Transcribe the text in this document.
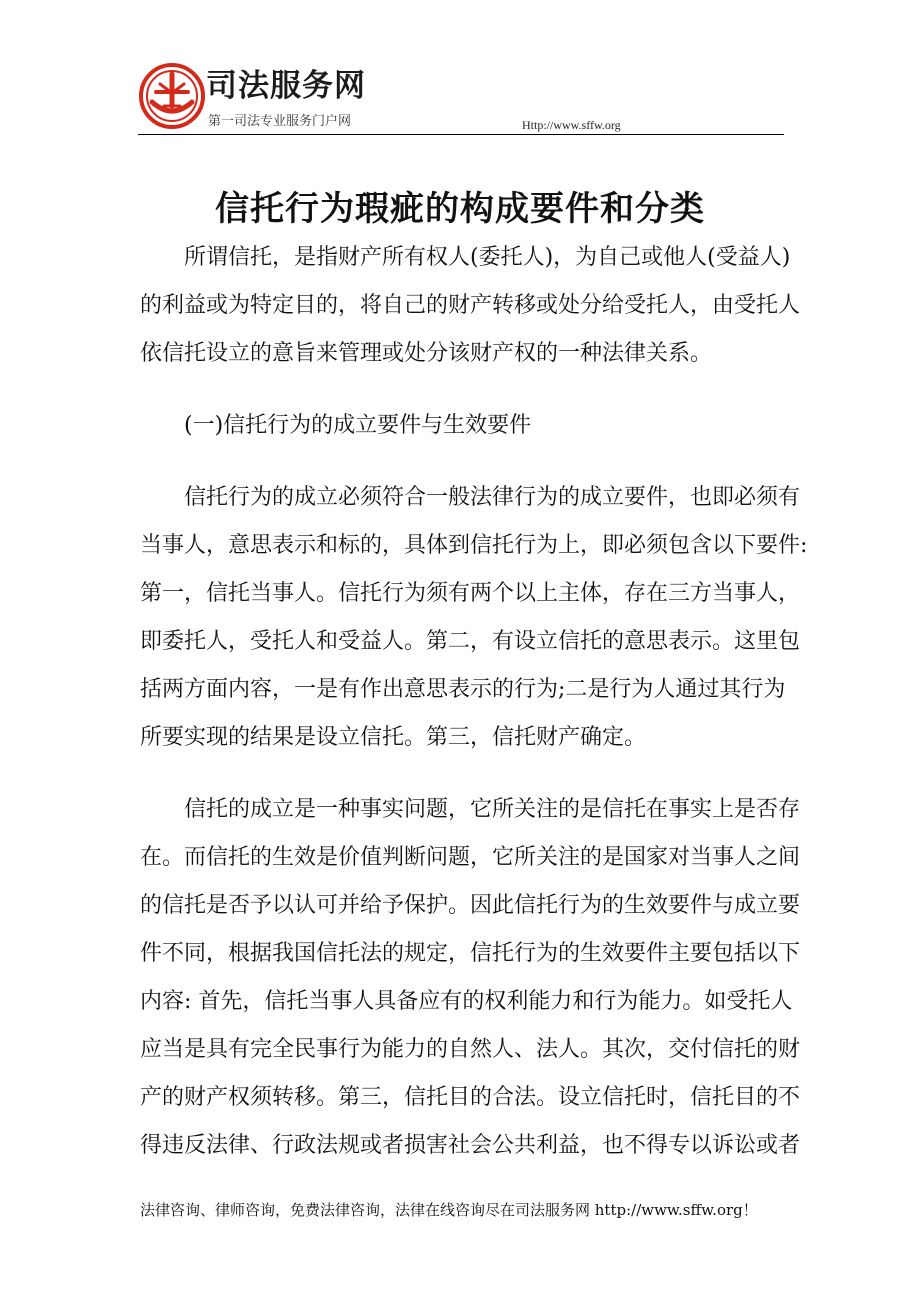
司法服务网
第一司法专业服务门户网	Http://www.sffw.org
信托行为瑕疵的构成要件和分类
所谓信托，是指财产所有权人(委托人)，为自己或他人(受益人)
的利益或为特定目的，将自己的财产转移或处分给受托人，由受托人
依信托设立的意旨来管理或处分该财产权的一种法律关系。
(一)信托行为的成立要件与生效要件
信托行为的成立必须符合一般法律行为的成立要件，也即必须有
当事人，意思表示和标的，具体到信托行为上，即必须包含以下要件:
第一，信托当事人。信托行为须有两个以上主体，存在三方当事人，
即委托人，受托人和受益人。第二，有设立信托的意思表示。这里包
括两方面内容，一是有作出意思表示的行为;二是行为人通过其行为
所要实现的结果是设立信托。第三，信托财产确定。
信托的成立是一种事实问题，它所关注的是信托在事实上是否存
在。而信托的生效是价值判断问题，它所关注的是国家对当事人之间
的信托是否予以认可并给予保护。因此信托行为的生效要件与成立要
件不同，根据我国信托法的规定，信托行为的生效要件主要包括以下
内容: 首先，信托当事人具备应有的权利能力和行为能力。如受托人
应当是具有完全民事行为能力的自然人、法人。其次，交付信托的财
产的财产权须转移。第三，信托目的合法。设立信托时，信托目的不
得违反法律、行政法规或者损害社会公共利益，也不得专以诉讼或者
法律咨询、律师咨询，免费法律咨询，法律在线咨询尽在司法服务网 http://www.sffw.org！
